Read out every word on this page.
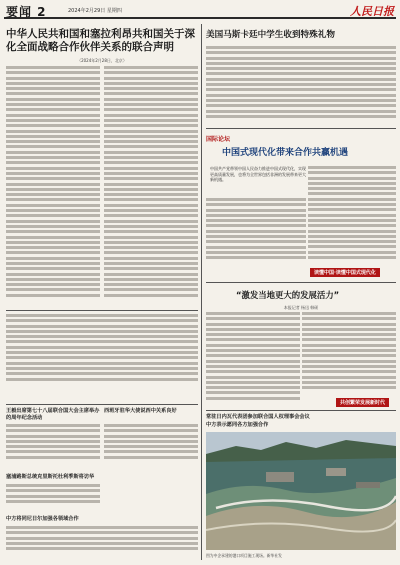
要闻 2	2024年2月29日 星期四	人民日报
中华人民共和国和塞拉利昂共和国关于深化全面战略合作伙伴关系的联合声明
（2024年2月28日，北京）
王毅出席第七十八届联合国大会主席举办的周年纪念活动
西班牙驻华大使说西中关系良好
塞浦路斯总统克里斯托杜利季斯将访华
中方将同尼日尔加强各领域合作
美国马斯卡廷中学生收到特殊礼物
国际论坛
中国式现代化带来合作共赢机遇
中国共产党带领中国人民奋力推进中国式现代化，实现更高质量发展，也将为全世界包括非洲的发展带来更大新机遇。
读懂中国·读懂中国式现代化
“激发当地更大的发展活力”
本报记者 杨迅 韩硕
共创繁荣发展新时代
常驻日内瓦代表团参加联合国人权理事会会议
中方表示愿同各方加强合作
图为中企承建的港口项目施工现场。新华社发
